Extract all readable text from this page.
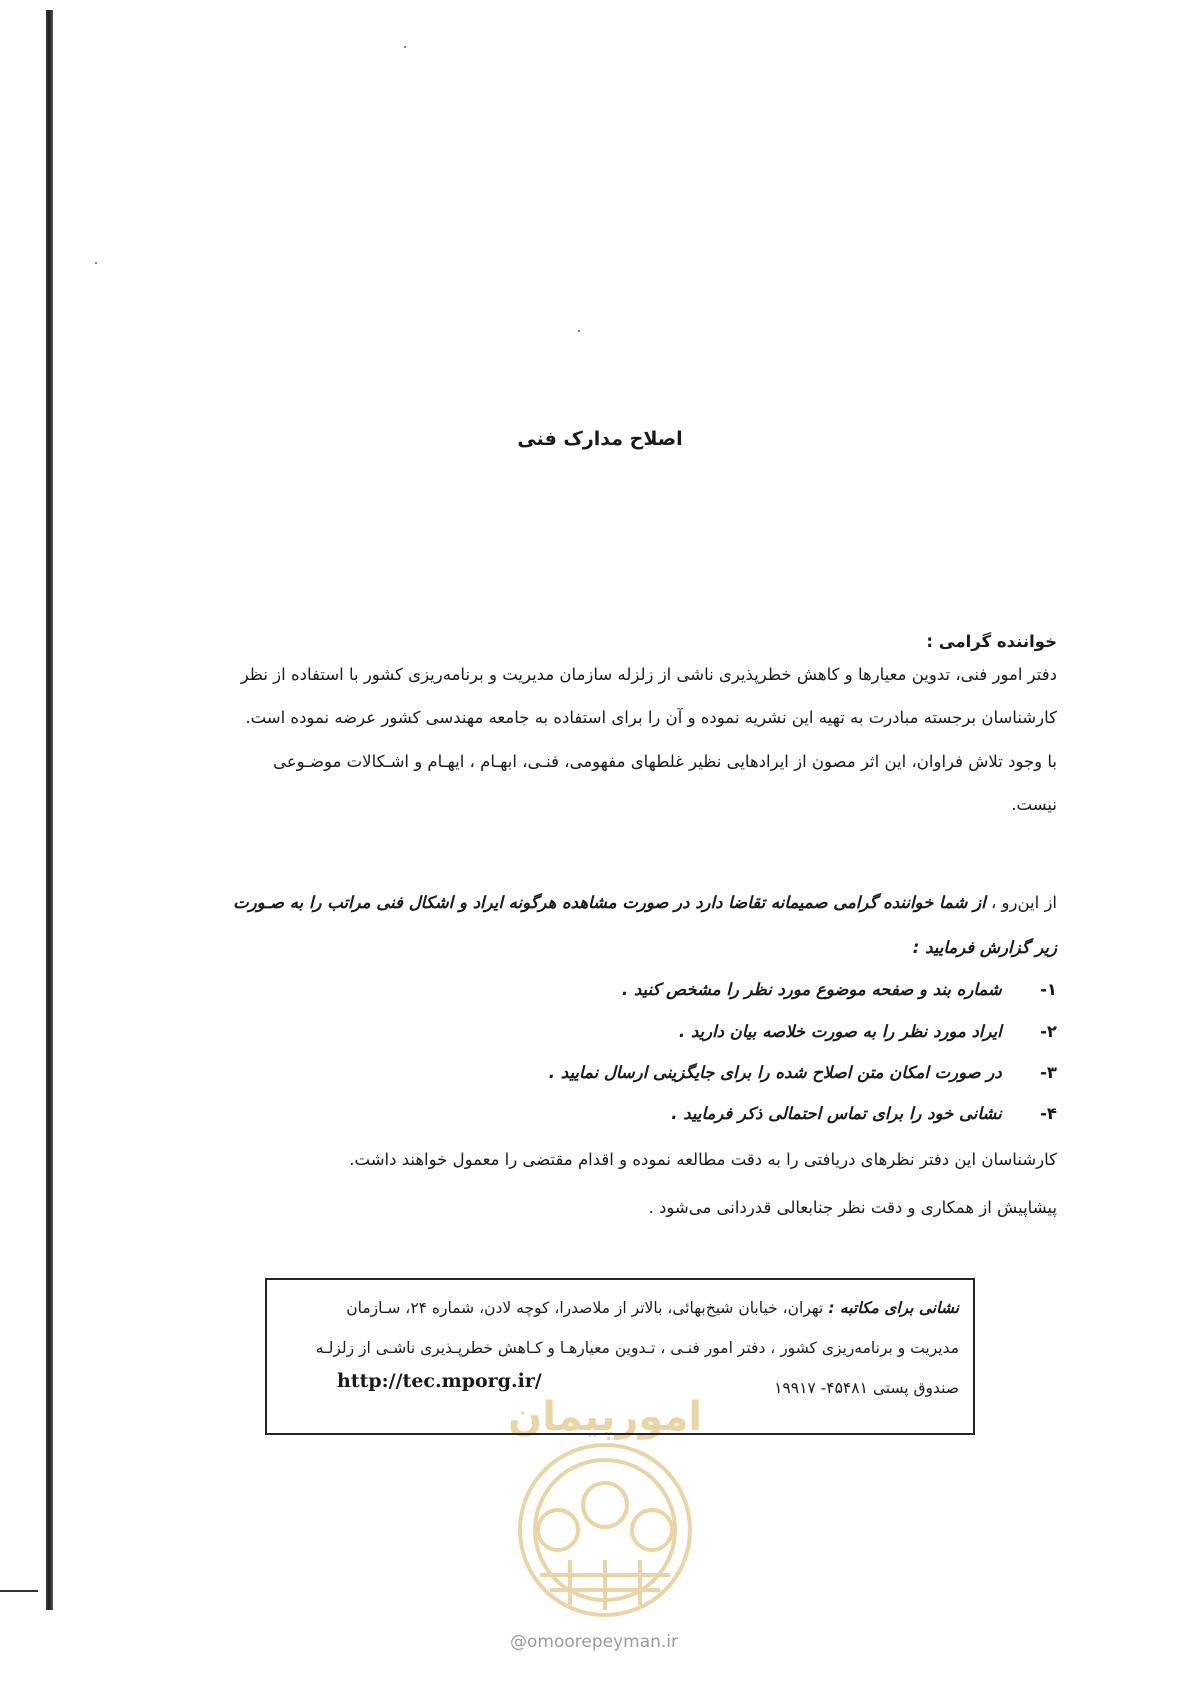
اصلاح مدارک فنی
خواننده گرامی :
دفتر امور فنی، تدوین معیارها و کاهش خطرپذیری ناشی از زلزله سازمان مدیریت و برنامه‌ریزی کشور با استفاده از نظر
کارشناسان برجسته مبادرت به تهیه این نشریه نموده و آن را برای استفاده به جامعه مهندسی کشور عرضه نموده است.
با وجود تلاش فراوان، این اثر مصون از ایرادهایی نظیر غلطهای مفهومی، فنـی، ابهـام ، ایهـام و اشـکالات موضـوعی
نیست.
از این‌رو ، از شما خواننده گرامی صمیمانه تقاضا دارد در صورت مشاهده هرگونه ایراد و اشکال فنی مراتب را به صـورت
زیر گزارش فرمایید :
۱- شماره بند و صفحه موضوع مورد نظر را مشخص کنید .
۲- ایراد مورد نظر را به صورت خلاصه بیان دارید .
۳- در صورت امکان متن اصلاح شده را برای جایگزینی ارسال نمایید .
۴- نشانی خود را برای تماس احتمالی ذکر فرمایید .
کارشناسان این دفتر نظرهای دریافتی را به دقت مطالعه نموده و اقدام مقتضی را معمول خواهند داشت.
پیشاپیش از همکاری و دقت نظر جنابعالی قدردانی می‌شود .
امورپیمان
نشانی برای مکاتبه : تهران، خیابان شیخ‌بهائی، بالاتر از ملاصدرا، کوچه لادن، شماره ۲۴، سـازمان
مدیریت و برنامه‌ریزی کشور ، دفتر امور فنـی ، تـدوین معیارهـا و کـاهش خطرپـذیری ناشـی از زلزلـه
صندوق پستی ۴۵۴۸۱- ۱۹۹۱۷
http://tec.mporg.ir/
@omoorepeyman.ir
